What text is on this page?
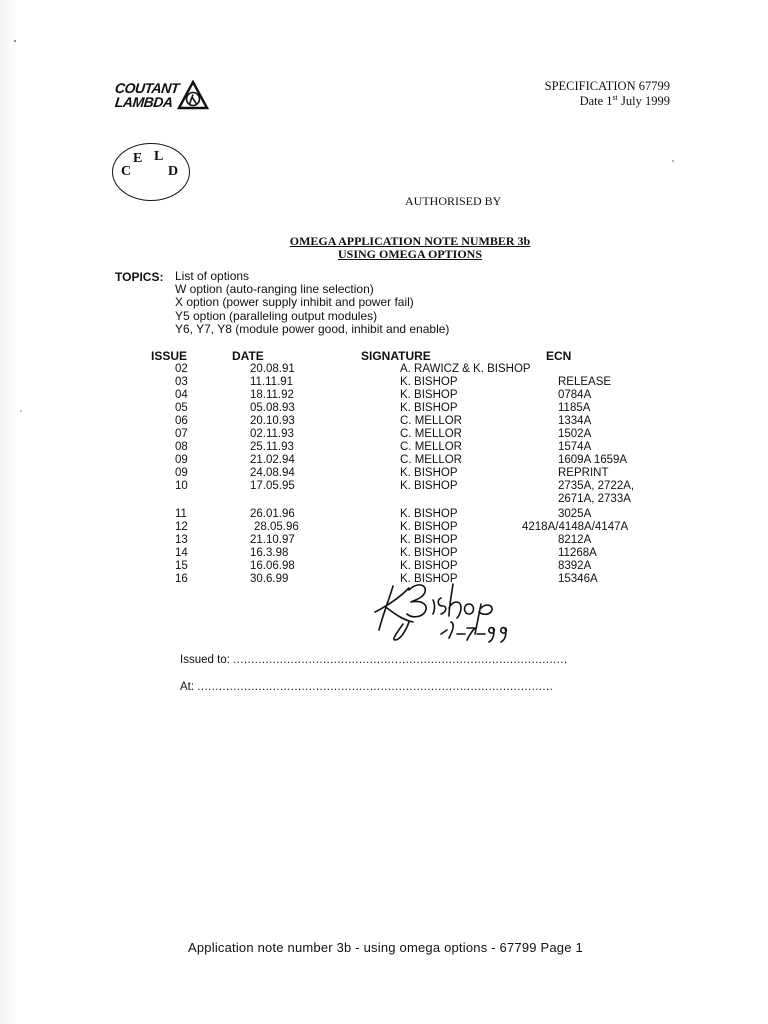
COUTANT
LAMBDA
SPECIFICATION 67799
Date 1st July 1999
E L
C	D
AUTHORISED BY
OMEGA APPLICATION NOTE NUMBER 3b
USING OMEGA OPTIONS
TOPICS: List of options
W option (auto-ranging line selection)
X option (power supply inhibit and power fail)
Y5 option (paralleling output modules)
Y6, Y7, Y8 (module power good, inhibit and enable)
ISSUE	DATE	SIGNATURE	ECN
02	20.08.91	A. RAWICZ & K. BISHOP
03	11.11.91	K. BISHOP	RELEASE
04	18.11.92	K. BISHOP	0784A
05	05.08.93	K. BISHOP	1185A
06	20.10.93	C. MELLOR	1334A
07	02.11.93	C. MELLOR	1502A
08	25.11.93	C. MELLOR	1574A
09	21.02.94	C. MELLOR	1609A 1659A
09	24.08.94	K. BISHOP	REPRINT
10	17.05.95	K. BISHOP	2735A, 2722A,
2671A, 2733A
11	26.01.96	K. BISHOP	3025A
12	28.05.96	K. BISHOP	4218A/4148A/4147A
13	21.10.97	K. BISHOP	8212A
14	16.3.98	K. BISHOP	11268A
15	16.06.98	K. BISHOP	8392A
16	30.6.99	K. BISHOP	15346A
Issued to: .............................................................................................
At: ...................................................................................................
Application note number 3b - using omega options - 67799 Page 1
